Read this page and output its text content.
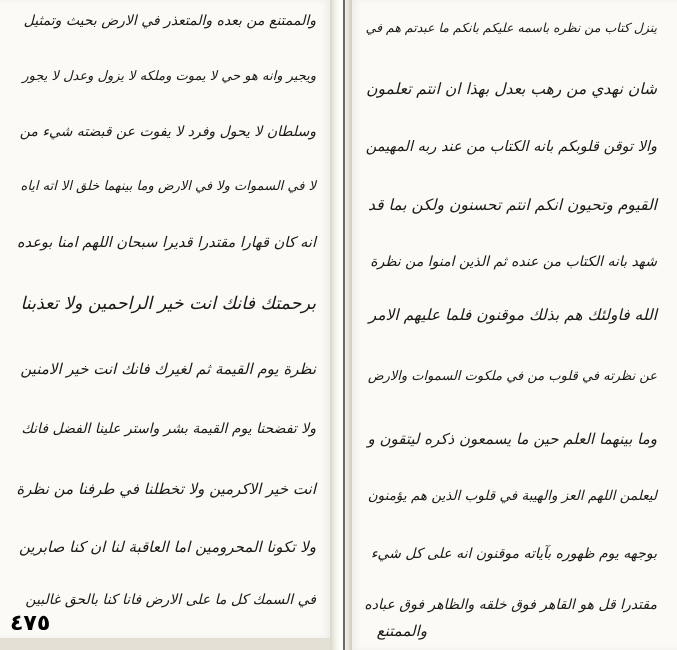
والممتنع من بعده والمتعذر في الارض بحيث وتمثيل

ويجير وانه هو حي لا يموت وملكه لا يزول وعدل لا يجور

وسلطان لا يحول وفرد لا يفوت عن قبضته شيء من

لا في السموات ولا في الارض وما بينهما خلق الا اته اياه

انه كان قهارا مقتدرا قديرا سبحان اللهم امنا بوعده

برحمتك فانك انت خير الراحمين ولا تعذبنا

نظرة يوم القيمة ثم لغيرك فانك انت خير الامنين

ولا تفضحنا يوم القيمة بشر واستر علينا الفضل فانك

انت خير الاكرمين ولا تخطلنا في طرفنا من نظرة

ولا تكونا المحرومين اما العاقبة لنا ان كنا صابرين

في السمك كل ما على الارض فانا كنا بالحق غالبين

ينزل كتاب من نظره باسمه عليكم بانكم ما عبدتم هم في

شان نهدي من رهب بعدل بهذا ان انتم تعلمون

والا توقن قلوبكم بانه الكتاب من عند ربه المهيمن

القيوم وتحيون انكم انتم تحسنون ولكن بما قد

شهد بانه الكتاب من عنده ثم الذين امنوا من نظرة

الله فاولئك هم بذلك موقنون فلما عليهم الامر

عن نظرته في قلوب من في ملكوت السموات والارض

وما بينهما العلم حين ما يسمعون ذكره ليتقون و

ليعلمن اللهم العز والهيبة في قلوب الذين هم يؤمنون

بوجهه يوم ظهوره بآياته موقنون انه على كل شيء

مقتدرا قل هو القاهر فوق خلقه والظاهر فوق عباده

والممتنع

٤٧٥
